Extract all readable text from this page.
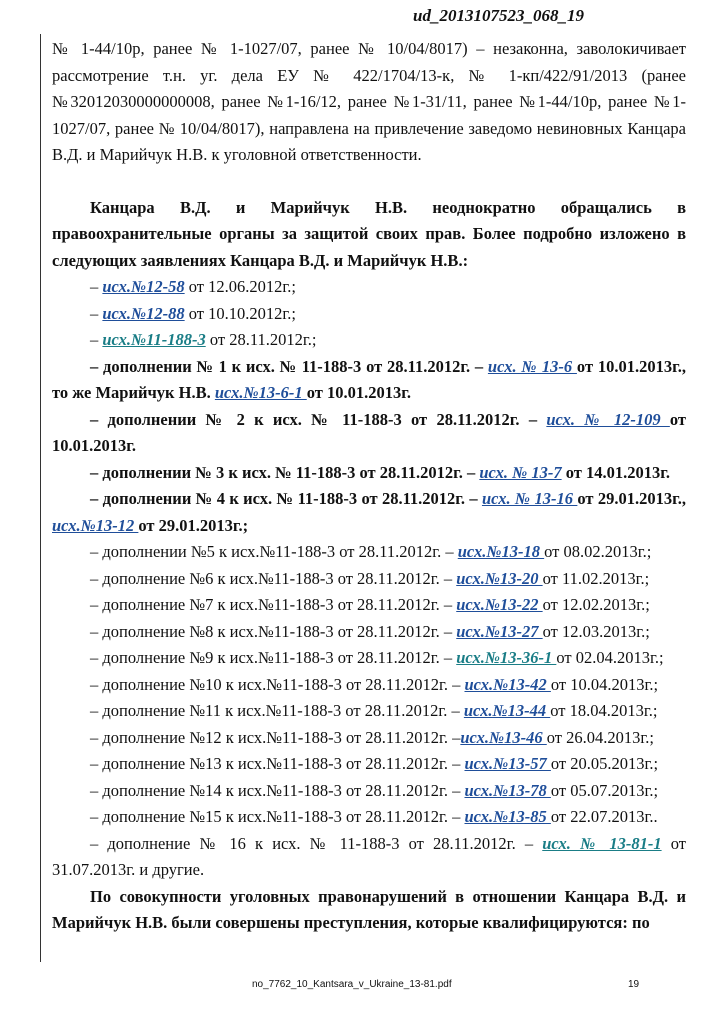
ud_2013107523_068_19

№ 1-44/10р, ранее № 1-1027/07, ранее № 10/04/8017) – незаконна, заволокичивает рассмотрение т.н. уг. дела ЕУ № 422/1704/13-к, № 1-кп/422/91/2013 (ранее №32012030000000008, ранее №1-16/12, ранее №1-31/11, ранее №1-44/10р, ранее №1-1027/07, ранее № 10/04/8017), направлена на привлечение заведомо невиновных Канцара В.Д. и Марийчук Н.В. к уголовной ответственности.

Канцара В.Д. и Марийчук Н.В. неоднократно обращались в правоохранительные органы за защитой своих прав. Более подробно изложено в следующих заявлениях Канцара В.Д. и Марийчук Н.В.:

– исх.№12-58 от 12.06.2012г.;
– исх.№12-88 от 10.10.2012г.;
– исх.№11-188-3 от 28.11.2012г.;

– дополнении № 1 к исх. № 11-188-3 от 28.11.2012г. – исх. № 13-6 от 10.01.2013г., то же Марийчук Н.В. исх.№13-6-1 от 10.01.2013г.

– дополнении № 2 к исх. № 11-188-3 от 28.11.2012г. – исх. № 12-109 от 10.01.2013г.

– дополнении № 3 к исх. № 11-188-3 от 28.11.2012г. – исх. № 13-7 от 14.01.2013г.

– дополнении № 4 к исх. № 11-188-3 от 28.11.2012г. – исх. № 13-16 от 29.01.2013г., исх.№13-12 от 29.01.2013г.;

– дополнении №5 к исх.№11-188-3 от 28.11.2012г. – исх.№13-18 от 08.02.2013г.;
– дополнение №6 к исх.№11-188-3 от 28.11.2012г. – исх.№13-20 от 11.02.2013г.;
– дополнение №7 к исх.№11-188-3 от 28.11.2012г. – исх.№13-22 от 12.02.2013г.;
– дополнение №8 к исх.№11-188-3 от 28.11.2012г. – исх.№13-27 от 12.03.2013г.;
– дополнение №9 к исх.№11-188-3 от 28.11.2012г. – исх.№13-36-1 от 02.04.2013г.;
– дополнение №10 к исх.№11-188-3 от 28.11.2012г. – исх.№13-42 от 10.04.2013г.;
– дополнение №11 к исх.№11-188-3 от 28.11.2012г. – исх.№13-44 от 18.04.2013г.;
– дополнение №12 к исх.№11-188-3 от 28.11.2012г. –исх.№13-46 от 26.04.2013г.;
– дополнение №13 к исх.№11-188-3 от 28.11.2012г. – исх.№13-57 от 20.05.2013г.;
– дополнение №14 к исх.№11-188-3 от 28.11.2012г. – исх.№13-78 от 05.07.2013г.;
– дополнение №15 к исх.№11-188-3 от 28.11.2012г. – исх.№13-85 от 22.07.2013г..

– дополнение № 16 к исх. № 11-188-3 от 28.11.2012г. – исх. № 13-81-1 от 31.07.2013г. и другие.

По совокупности уголовных правонарушений в отношении Канцара В.Д. и Марийчук Н.В. были совершены преступления, которые квалифицируются: по

no_7762_10_Kantsara_v_Ukraine_13-81.pdf	19
